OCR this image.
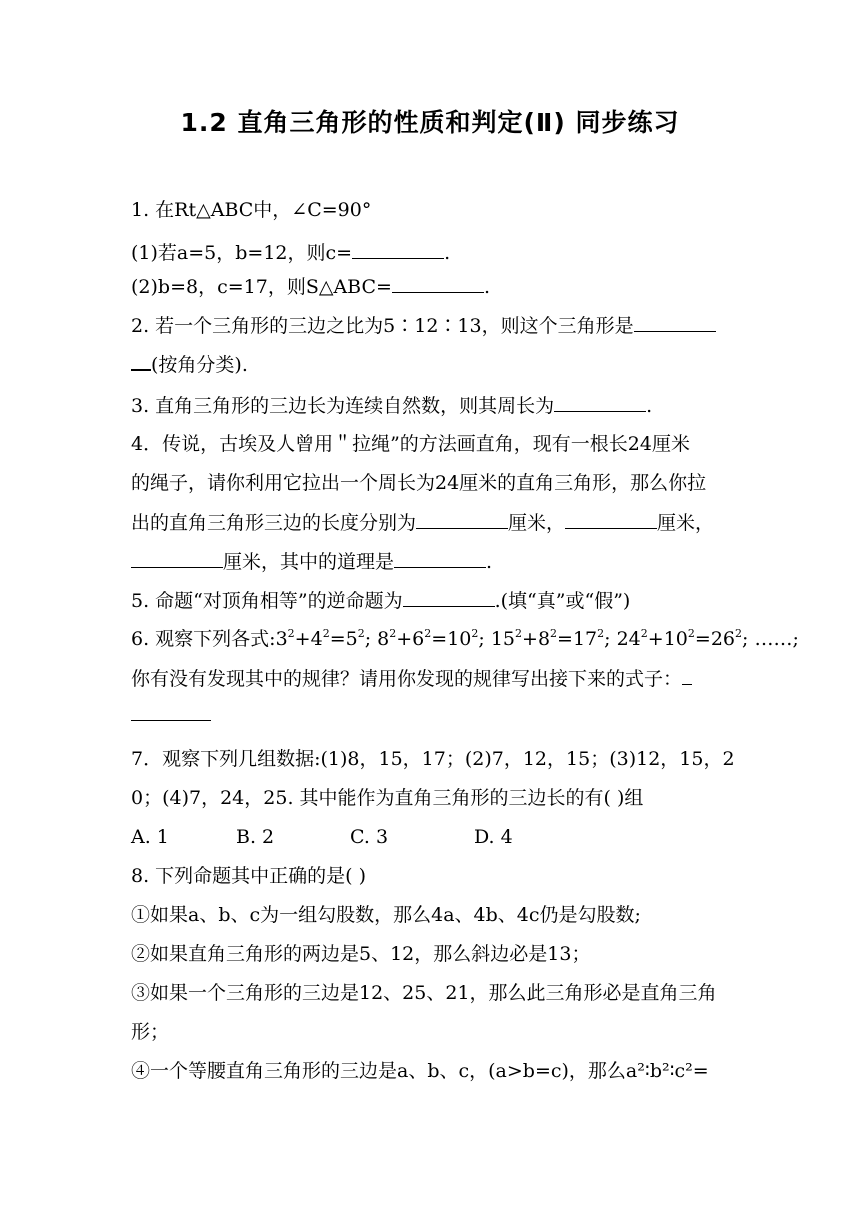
1.2 直角三角形的性质和判定(Ⅱ) 同步练习
1. 在Rt△ABC中，∠C=90°
(1)若a=5，b=12，则c=	.
(2)b=8，c=17，则S△ABC=	.
2. 若一个三角形的三边之比为5∶12∶13，则这个三角形是
(按角分类).
3. 直角三角形的三边长为连续自然数，则其周长为	.
4．传说，古埃及人曾用＂拉绳”的方法画直角，现有一根长24厘米
的绳子，请你利用它拉出一个周长为24厘米的直角三角形，那么你拉
出的直角三角形三边的长度分别为	厘米，	厘米，
厘米，其中的道理是	.
5. 命题“对顶角相等”的逆命题为	.(填“真”或“假”)
6. 观察下列各式$:3^2+4^2=5^2$; $8^2+6^2=10^2$; $15^2+8^2=17^2$; $24^2+10^2=26^2$; ……;
你有没有发现其中的规律？请用你发现的规律写出接下来的式子：
7．观察下列几组数据:(1)8，15，17；(2)7，12，15；(3)12，15，2
0；(4)7，24，25. 其中能作为直角三角形的三边长的有( )组
A. 1	B. 2	C. 3	D. 4
8. 下列命题其中正确的是( )
①如果a、b、c为一组勾股数，那么4a、4b、4c仍是勾股数;
②如果直角三角形的两边是5、12，那么斜边必是13；
③如果一个三角形的三边是12、25、21，那么此三角形必是直角三角
形；
④一个等腰直角三角形的三边是a、b、c，(a>b=c)，那么a²∶b²∶c²=
